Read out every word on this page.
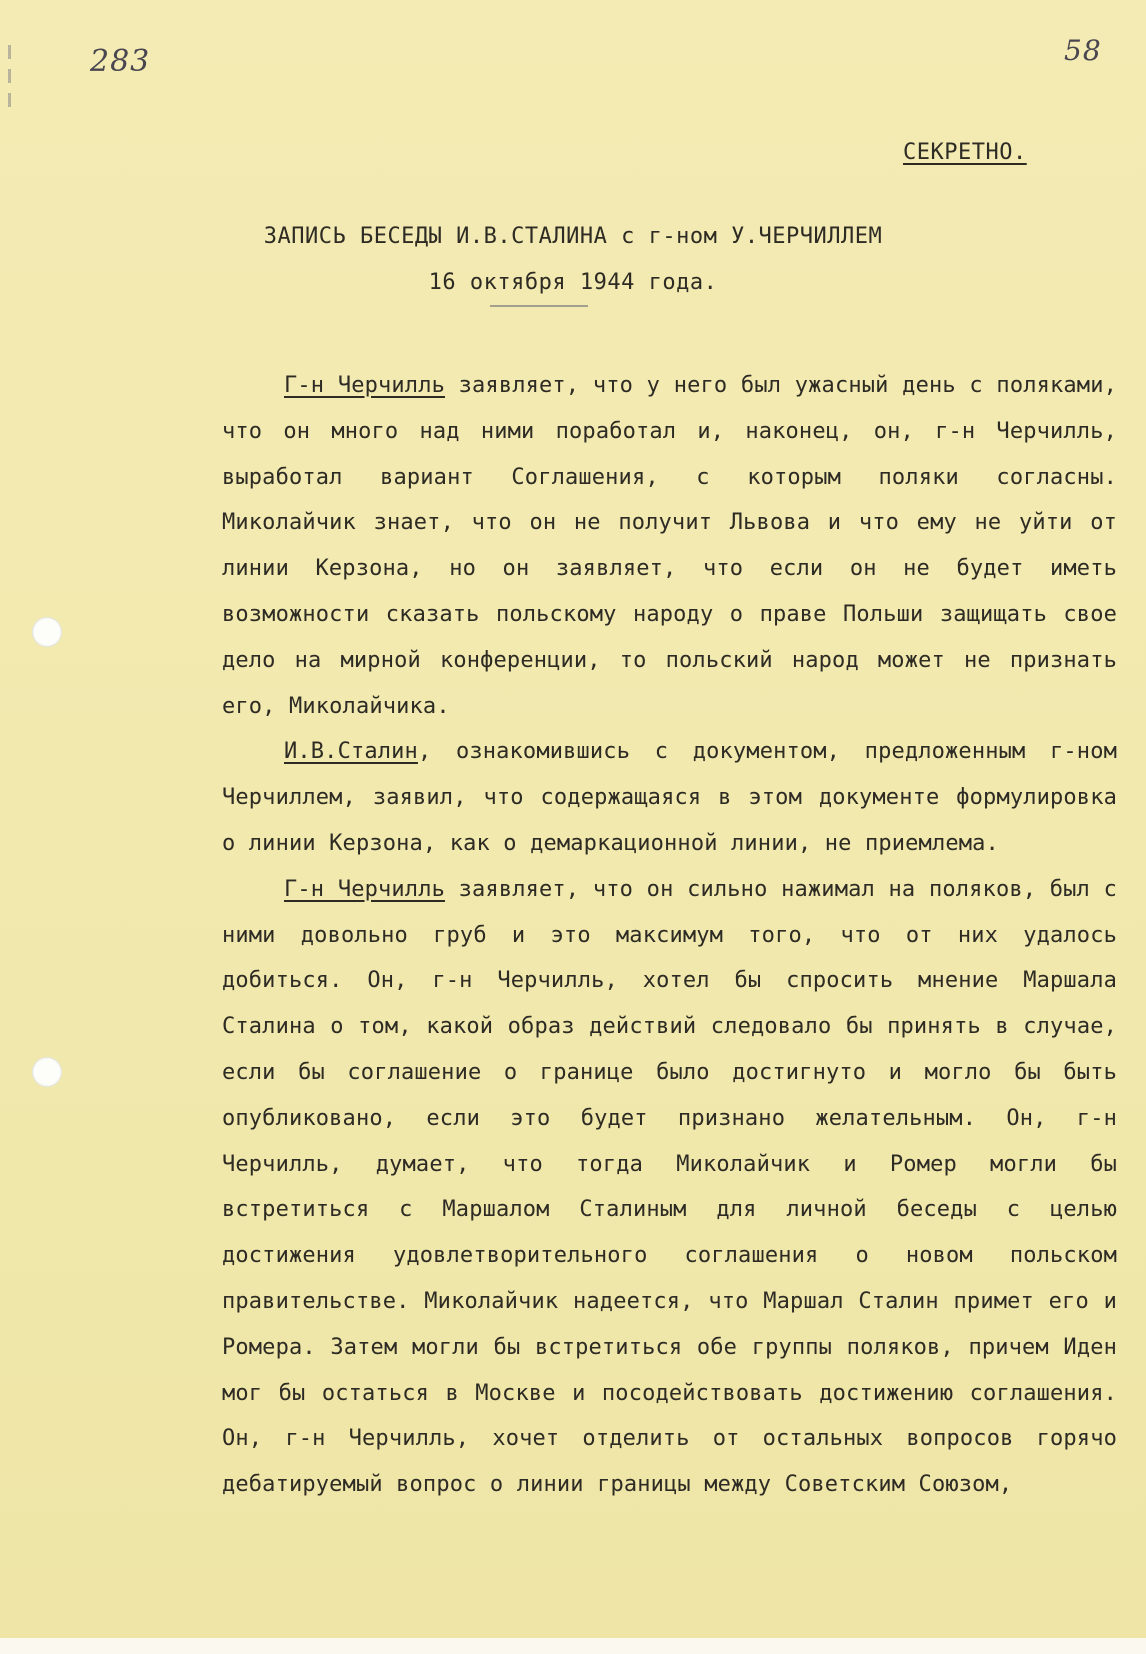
283	58
СЕКРЕТНО.
ЗАПИСЬ БЕСЕДЫ И.В.СТАЛИНА с г-ном У.ЧЕРЧИЛЛЕМ
16 октября 1944 года.

Г-н Черчилль заявляет, что у него был ужасный день с поляками, что он много над ними поработал и, наконец, он, г-н Черчилль, выработал вариант Соглашения, с которым поляки согласны. Миколайчик знает, что он не получит Львова и что ему не уйти от линии Керзона, но он заявляет, что если он не будет иметь возможности сказать польскому народу о праве Польши защищать свое дело на мирной конференции, то польский народ может не признать его, Миколайчика.

И.В.Сталин, ознакомившись с документом, предложенным г-ном Черчиллем, заявил, что содержащаяся в этом документе формулировка о линии Керзона, как о демаркационной линии, не приемлема.

Г-н Черчилль заявляет, что он сильно нажимал на поляков, был с ними довольно груб и это максимум того, что от них удалось добиться. Он, г-н Черчилль, хотел бы спросить мнение Маршала Сталина о том, какой образ действий следовало бы принять в случае, если бы соглашение о границе было достигнуто и могло бы быть опубликовано, если это будет признано желательным. Он, г-н Черчилль, думает, что тогда Миколайчик и Ромер могли бы встретиться с Маршалом Сталиным для личной беседы с целью достижения удовлетворительного соглашения о новом польском правительстве. Миколайчик надеется, что Маршал Сталин примет его и Ромера. Затем могли бы встретиться обе группы поляков, причем Иден мог бы остаться в Москве и посодействовать достижению соглашения. Он, г-н Черчилль, хочет отделить от остальных вопросов горячо дебатируемый вопрос о линии границы между Советским Союзом,
